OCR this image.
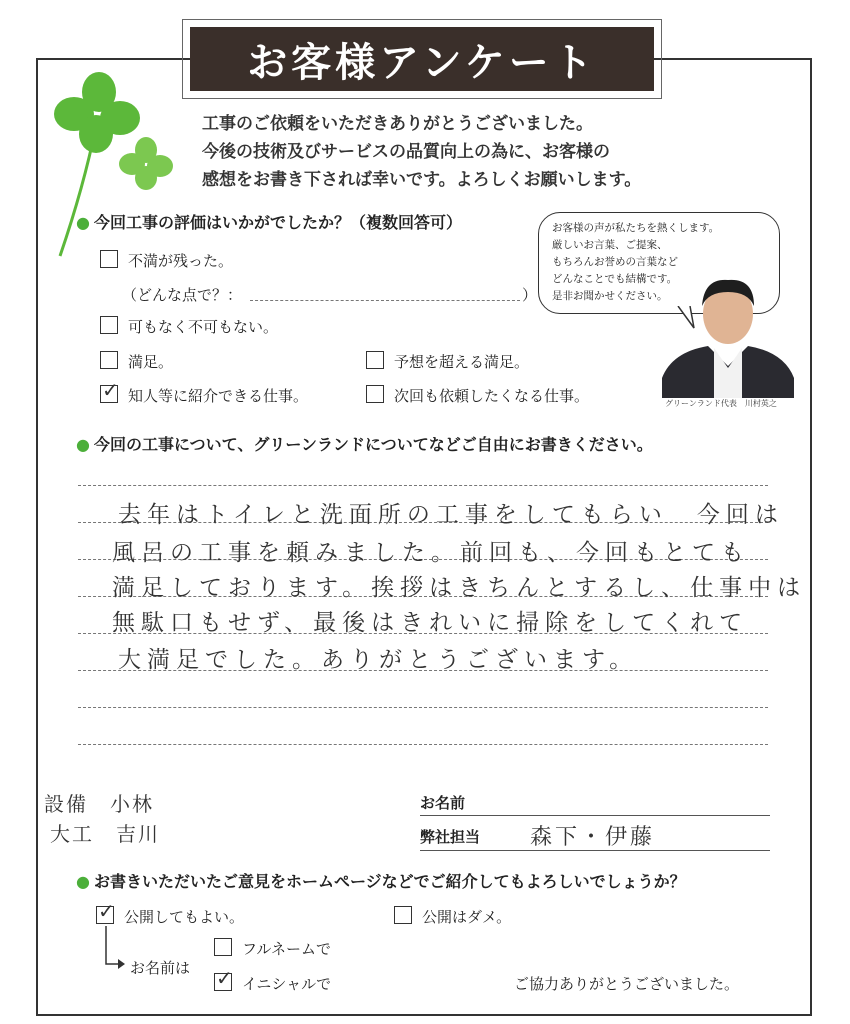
お客様アンケート
工事のご依頼をいただきありがとうございました。
今後の技術及びサービスの品質向上の為に、お客様の
感想をお書き下されば幸いです。よろしくお願いします。
● 今回工事の評価はいかがでしたか？（複数回答可）
不満が残った。
（どんな点で？：	）
可もなく不可もない。
満足。	予想を超える満足。
✓ 知人等に紹介できる仕事。	次回も依頼したくなる仕事。
お客様の声が私たちを熱くします。
厳しいお言葉、ご提案、
もちろんお誉めの言葉など
どんなことでも結構です。
是非お聞かせください。
グリーンランド代表　川村英之
● 今回の工事について、グリーンランドについてなどご自由にお書きください。
去年はトイレと洗面所の工事をしてもらい　今回は
風呂の工事を頼みました。前回も、今回もとても
満足しております。挨拶はきちんとするし、仕事中は
無駄口もせず、最後はきれいに掃除をしてくれて
大満足でした。ありがとうございます。
設備　小林
大工　吉川
お名前
弊社担当 森下・伊藤
● お書きいただいたご意見をホームページなどでご紹介してもよろしいでしょうか？
✓ 公開してもよい。	公開はダメ。
お名前は
フルネームで
✓ イニシャルで	ご協力ありがとうございました。
